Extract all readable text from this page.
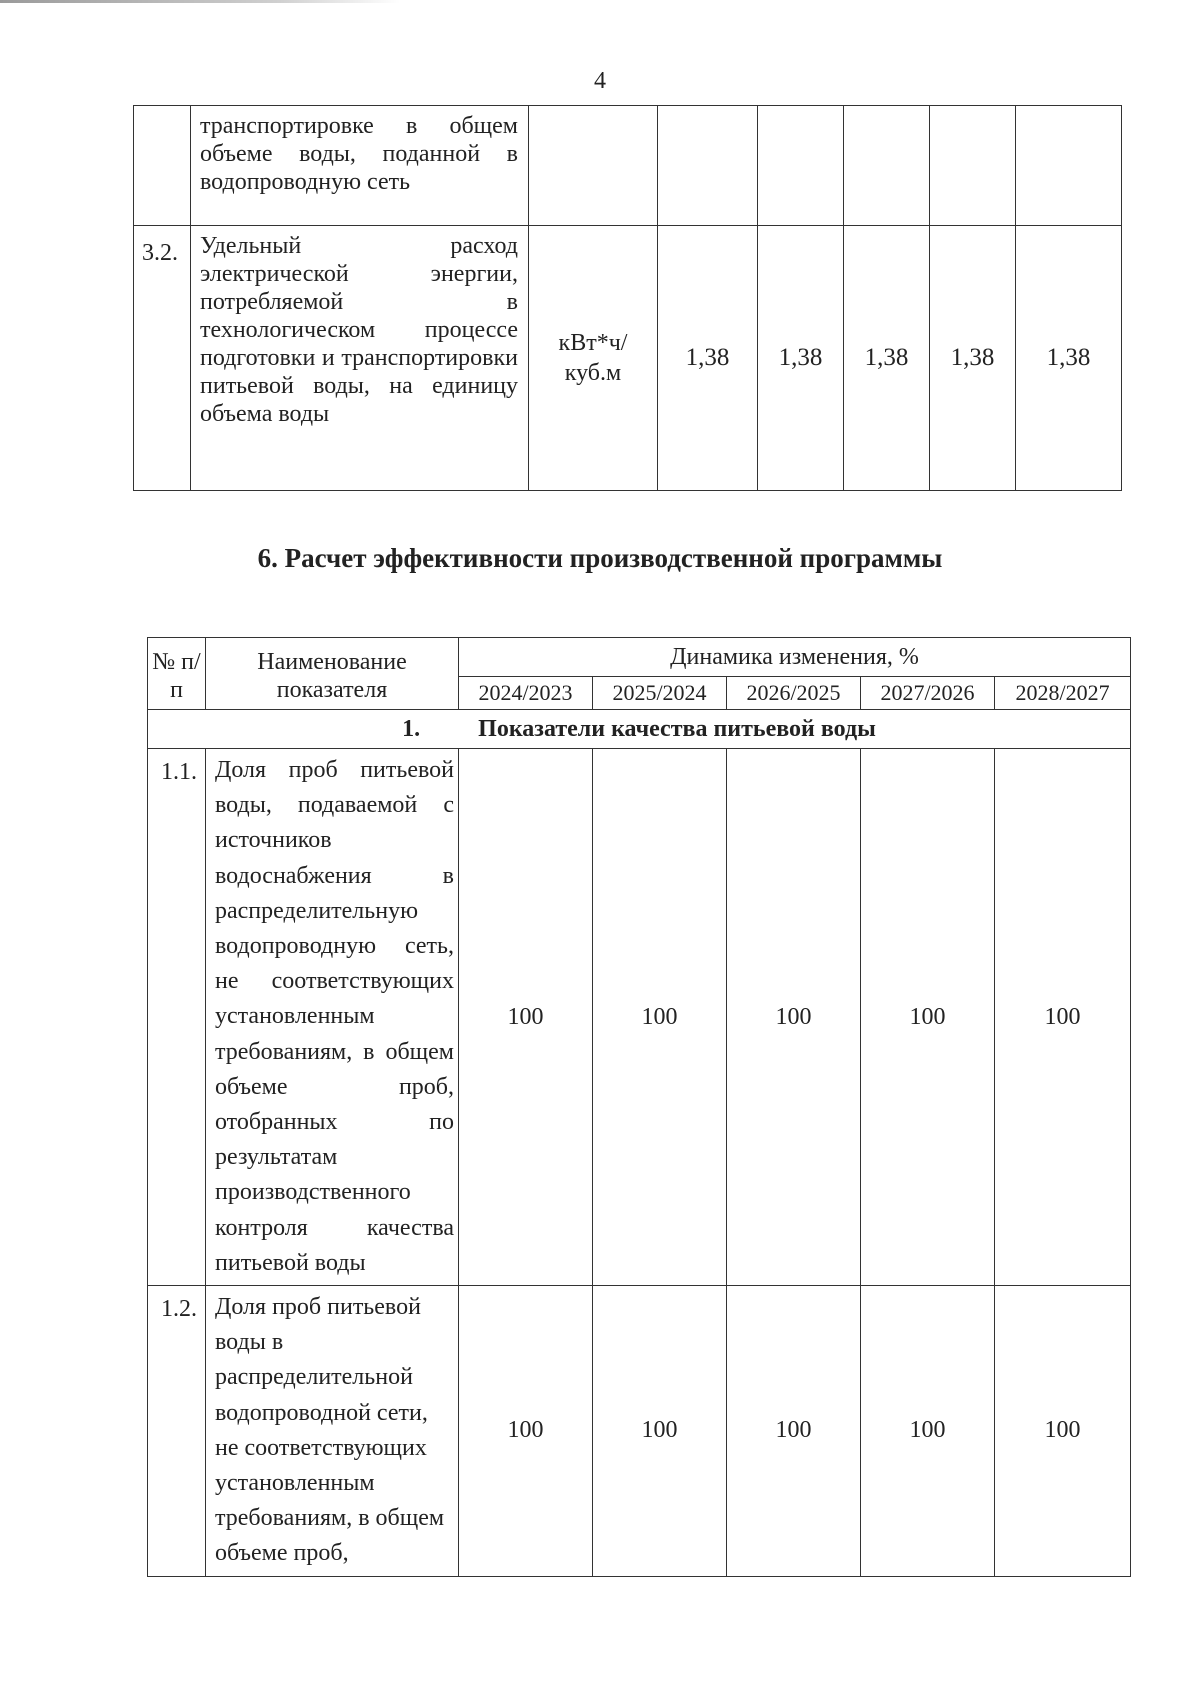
4
	транспортировке в общем объеме воды, поданной в водопроводную сеть						
3.2.	Удельный расход электрической энергии, потребляемой в технологическом процессе подготовки и транспортировки питьевой воды, на единицу объема воды	кВт*ч/ куб.м	1,38	1,38	1,38	1,38	1,38
6. Расчет эффективности производственной программы
№ п/п	Наименование показателя	Динамика изменения, %				
		2024/2023	2025/2024	2026/2025	2027/2026	2028/2027
1. Показатели качества питьевой воды						
1.1.	Доля проб питьевой воды, подаваемой с источников водоснабжения в распределительную водопроводную сеть, не соответствующих установленным требованиям, в общем объеме проб, отобранных по результатам производственного контроля качества питьевой воды	100	100	100	100	100
1.2.	Доля проб питьевой воды в распределительной водопроводной сети, не соответствующих установленным требованиям, в общем объеме проб,	100	100	100	100	100
